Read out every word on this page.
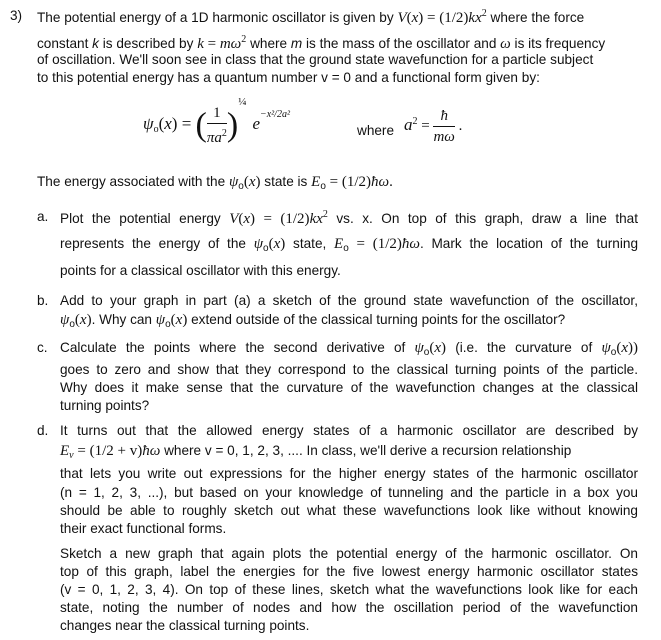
3) The potential energy of a 1D harmonic oscillator is given by $V(x) = (1/2)kx^2$ where the force
constant k is described by $k = m\omega^2$ where m is the mass of the oscillator and ω is its frequency
of oscillation. We'll soon see in class that the ground state wavefunction for a particle subject
to this potential energy has a quantum number v = 0 and a functional form given by:
$\psi_o(x)$ = ( $\frac{1}{\pi a^2} )^{\frac{1}{4}}$ $e^{-x^2/2a^2}$
where $a^2 = \frac{ħ}{m\omega}$ .
The energy associated with the $\psi_o(x)$ state is $E_o$ = (1/2)ħω.
a. Plot the potential energy $V(x) = (1/2)kx^2$ vs. x. On top of this graph, draw a line that
represents the energy of the $\psi_o(x)$ state, $E_o$ = (1/2)ħω. Mark the location of the turning
points for a classical oscillator with this energy.
b. Add to your graph in part (a) a sketch of the ground state wavefunction of the oscillator,
$\psi_o(x)$. Why can $\psi_o(x)$ extend outside of the classical turning points for the oscillator?
c. Calculate the points where the second derivative of $\psi_o(x)$ (i.e. the curvature of $\psi_o(x)$)
goes to zero and show that they correspond to the classical turning points of the particle.
Why does it make sense that the curvature of the wavefunction changes at the classical
turning points?
d. It turns out that the allowed energy states of a harmonic oscillator are described by
$E_v = (1/2$ + v)ħω where v = 0, 1, 2, 3, .... In class, we'll derive a recursion relationship
that lets you write out expressions for the higher energy states of the harmonic oscillator
(n = 1, 2, 3, ...), but based on your knowledge of tunneling and the particle in a box you
should be able to roughly sketch out what these wavefunctions look like without knowing
their exact functional forms.
Sketch a new graph that again plots the potential energy of the harmonic oscillator. On
top of this graph, label the energies for the five lowest energy harmonic oscillator states
(v = 0, 1, 2, 3, 4). On top of these lines, sketch what the wavefunctions look like for each
state, noting the number of nodes and how the oscillation period of the wavefunction
changes near the classical turning points.
